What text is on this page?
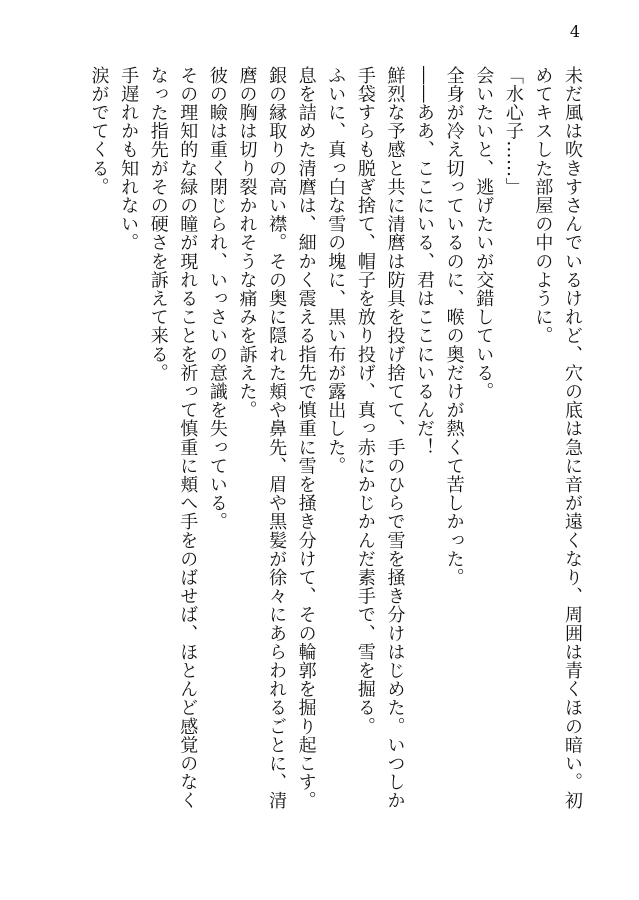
4
未だ風は吹きすさんでいるけれど、穴の底は急に音が遠くなり、周囲は青くほの暗い。初
めてキスした部屋の中のように。
「水心子……」
会いたいと、逃げたいが交錯している。
全身が冷え切っているのに、喉の奥だけが熱くて苦しかった。
――ああ、ここにいる、君はここにいるんだ！
鮮烈な予感と共に清麿は防具を投げ捨てて、手のひらで雪を掻き分けはじめた。いつしか
手袋すらも脱ぎ捨て、帽子を放り投げ、真っ赤にかじかんだ素手で、雪を掘る。
ふいに、真っ白な雪の塊に、黒い布が露出した。
息を詰めた清麿は、細かく震える指先で慎重に雪を掻き分けて、その輪郭を掘り起こす。
銀の縁取りの高い襟。その奥に隠れた頬や鼻先、眉や黒髪が徐々にあらわれるごとに、清
麿の胸は切り裂かれそうな痛みを訴えた。
彼の瞼は重く閉じられ、いっさいの意識を失っている。
その理知的な緑の瞳が現れることを祈って慎重に頬へ手をのばせば、ほとんど感覚のなく
なった指先がその硬さを訴えて来る。
手遅れかも知れない。
涙がでてくる。
